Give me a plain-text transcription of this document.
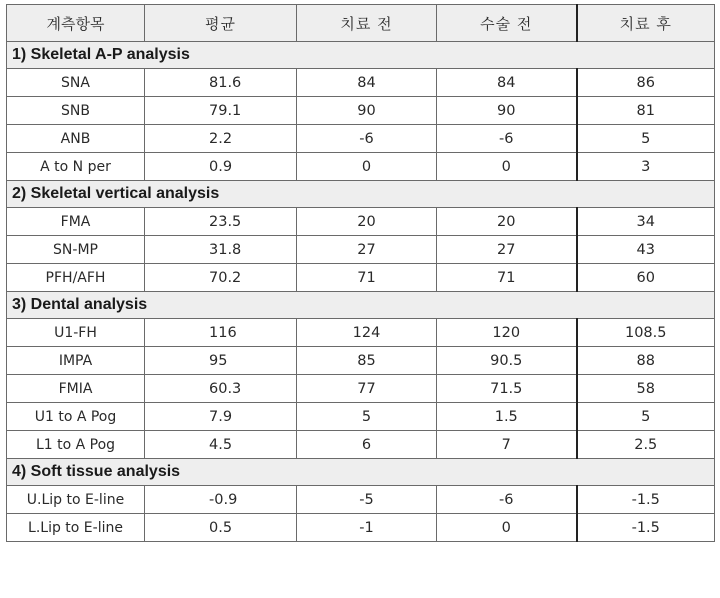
계측항목	평균	치료 전	수술 전	치료 후
1) Skeletal A-P analysis				
SNA	81.6	84	84	86
SNB	79.1	90	90	81
ANB	2.2	-6	-6	5
A to N per	0.9	0	0	3
2) Skeletal vertical analysis				
FMA	23.5	20	20	34
SN-MP	31.8	27	27	43
PFH/AFH	70.2	71	71	60
3) Dental analysis				
U1-FH	116	124	120	108.5
IMPA	95	85	90.5	88
FMIA	60.3	77	71.5	58
U1 to A Pog	7.9	5	1.5	5
L1 to A Pog	4.5	6	7	2.5
4) Soft tissue analysis				
U.Lip to E-line	-0.9	-5	-6	-1.5
L.Lip to E-line	0.5	-1	0	-1.5
